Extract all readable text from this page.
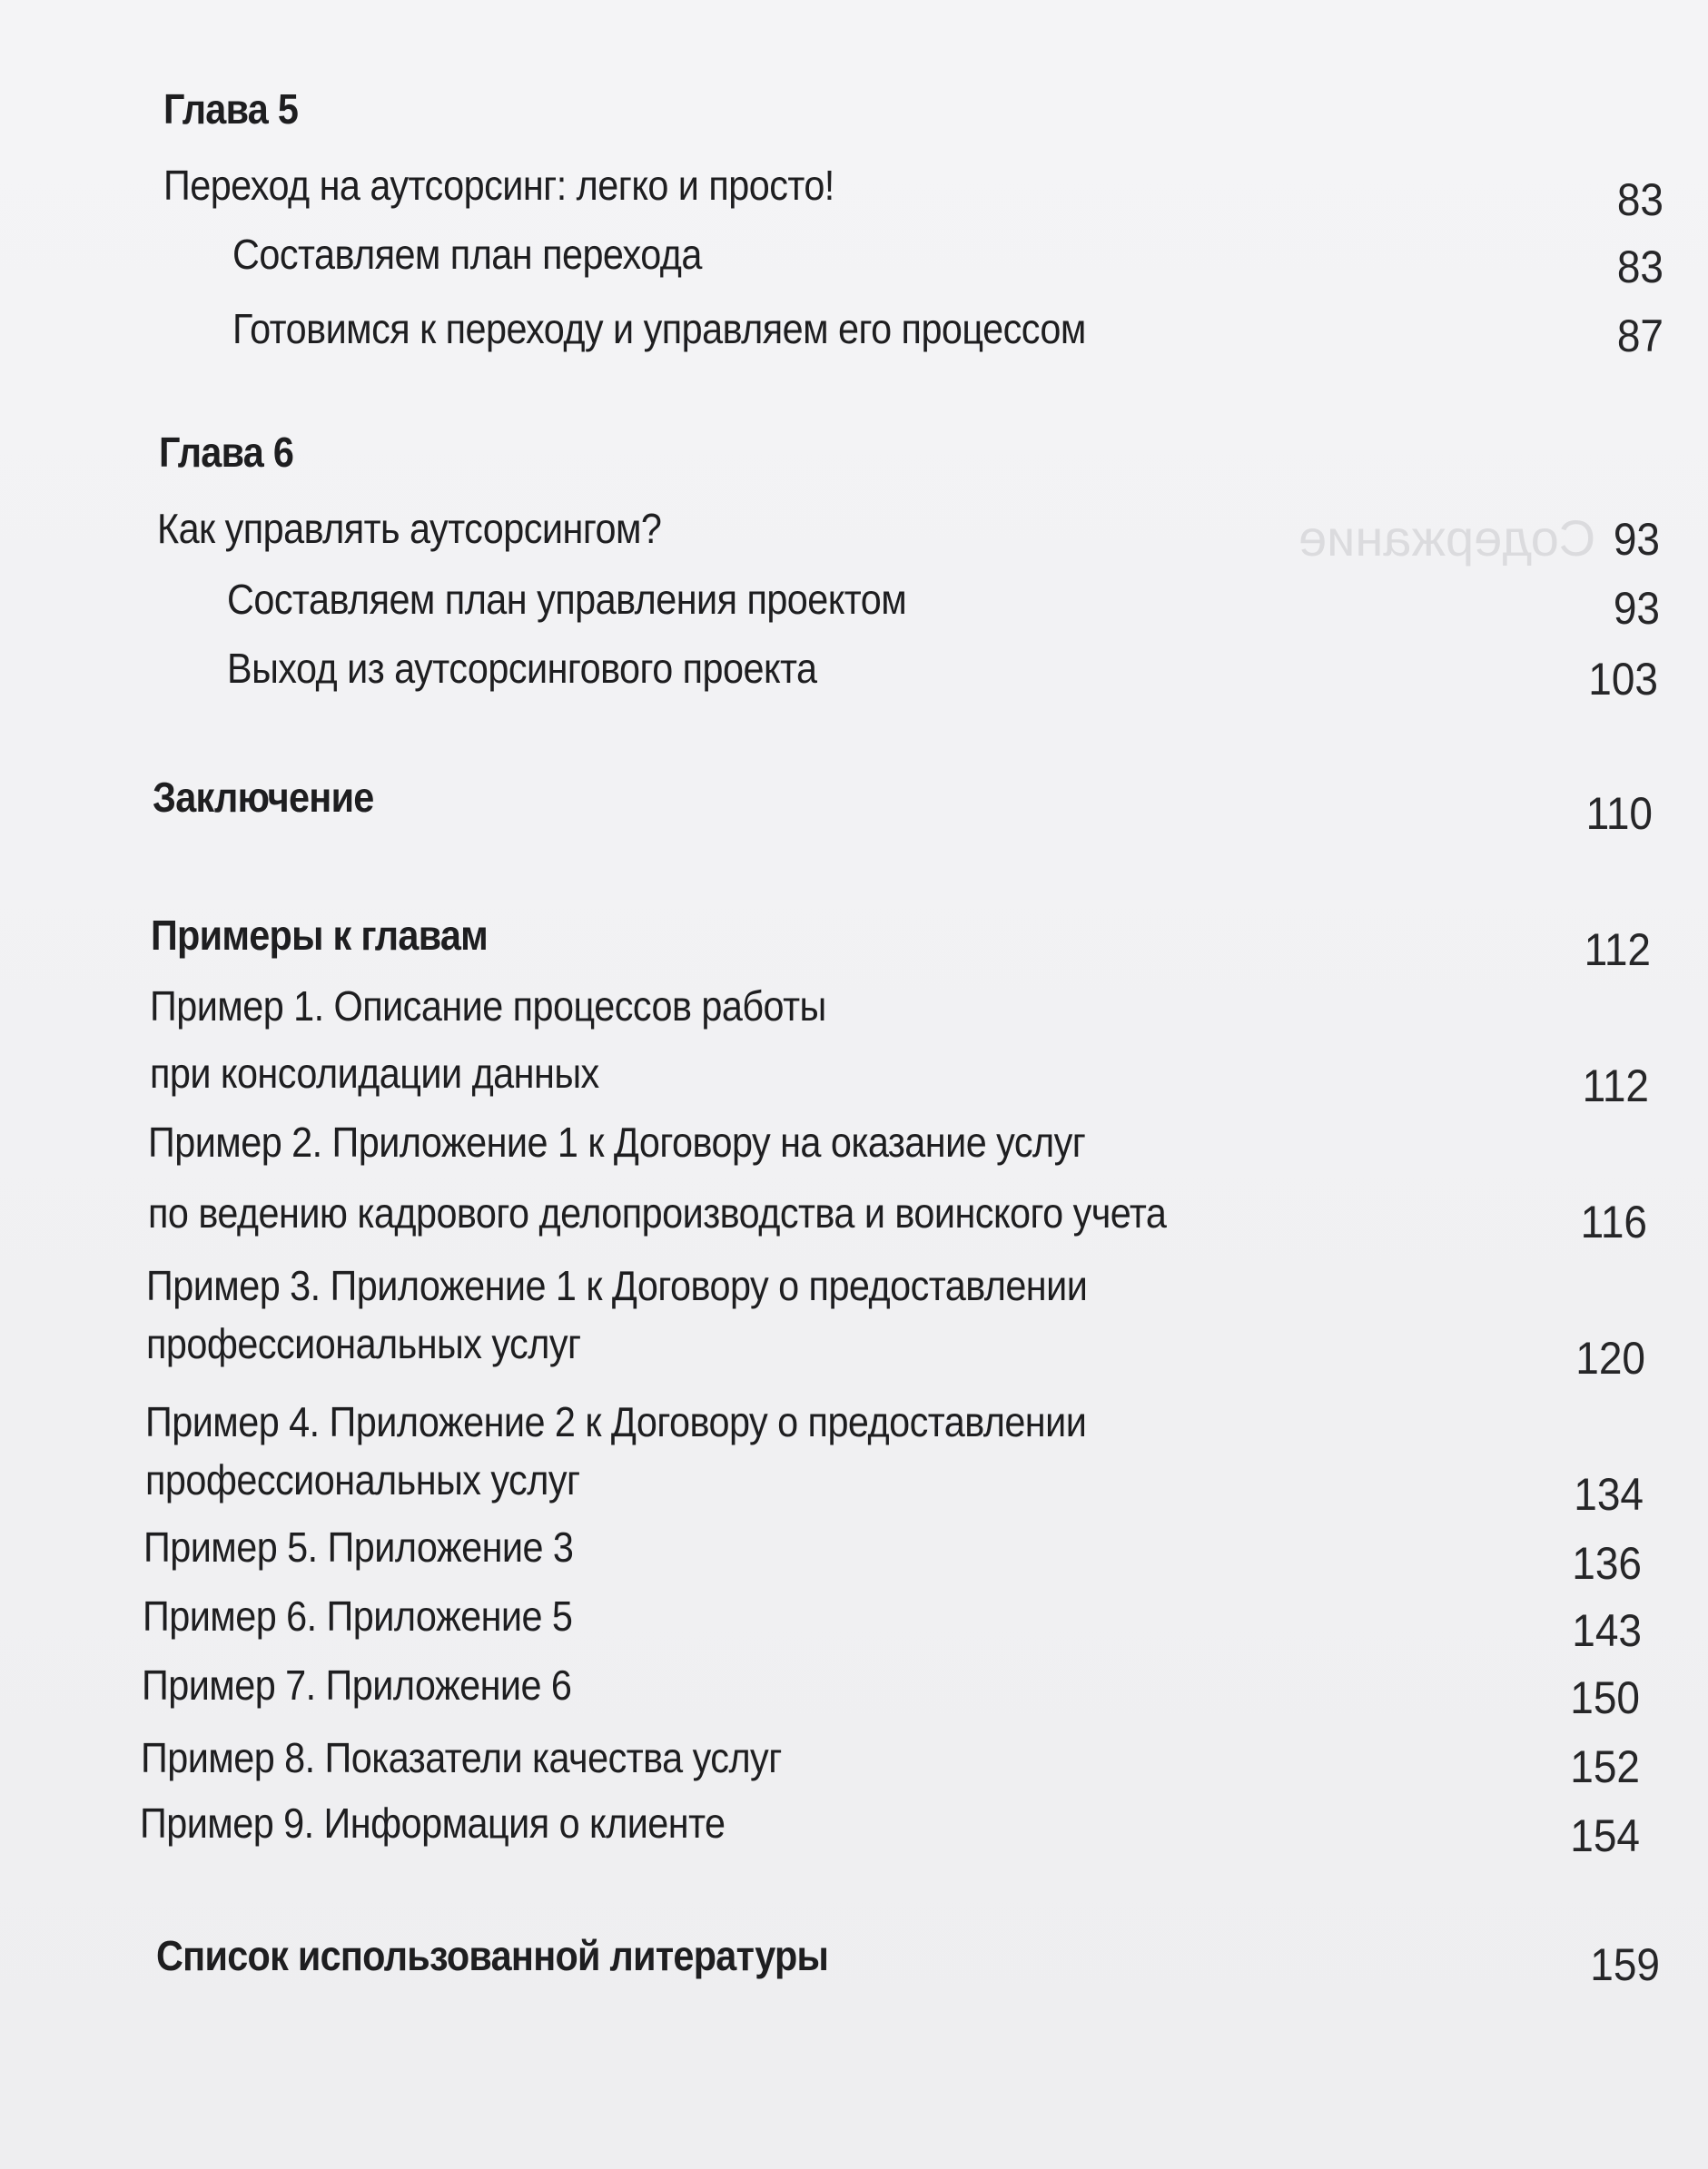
Содержание
Глава 5
Переход на аутсорсинг: легко и просто!	83
Составляем план перехода	83
Готовимся к переходу и управляем его процессом	87
Глава 6
Как управлять аутсорсингом?	93
Составляем план управления проектом	93
Выход из аутсорсингового проекта	103
Заключение	110
Примеры к главам	112
Пример 1. Описание процессов работы
при консолидации данных	112
Пример 2. Приложение 1 к Договору на оказание услуг
по ведению кадрового делопроизводства и воинского учета	116
Пример 3. Приложение 1 к Договору о предоставлении
профессиональных услуг	120
Пример 4. Приложение 2 к Договору о предоставлении
профессиональных услуг	134
Пример 5. Приложение 3	136
Пример 6. Приложение 5	143
Пример 7. Приложение 6	150
Пример 8. Показатели качества услуг	152
Пример 9. Информация о клиенте	154
Список использованной литературы	159
